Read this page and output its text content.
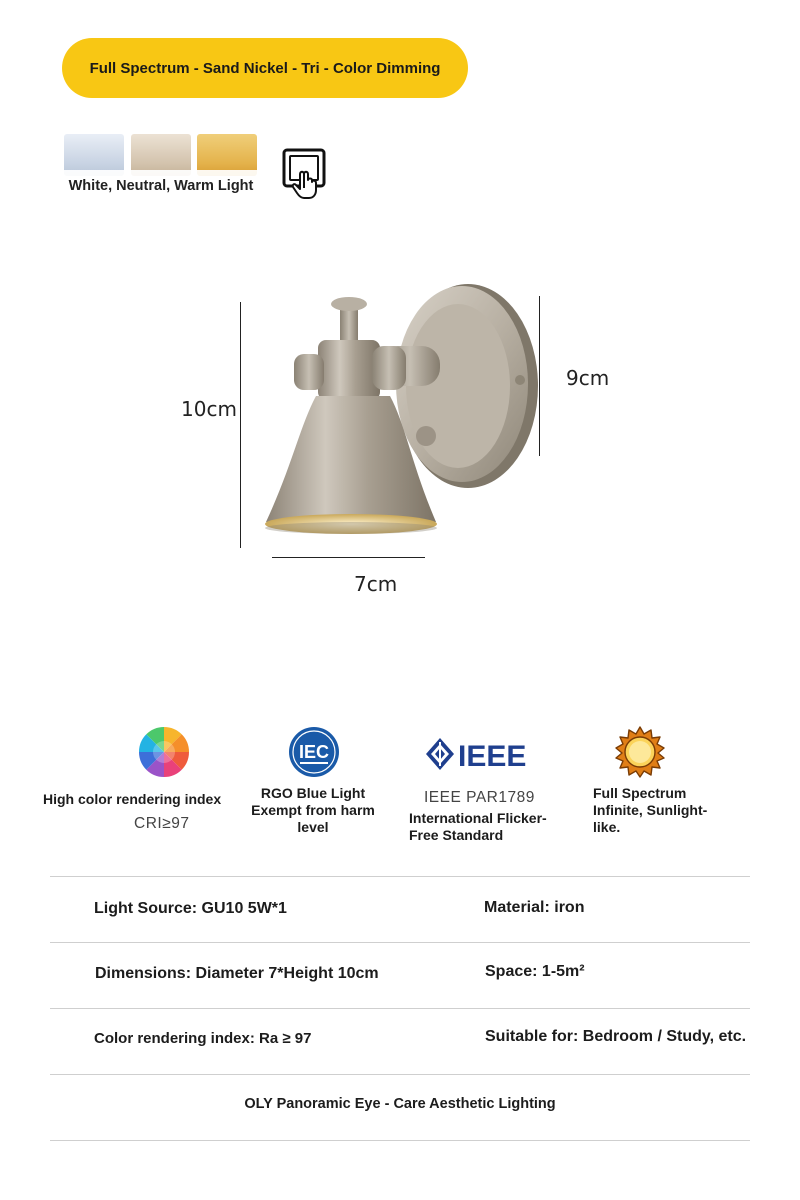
Full Spectrum - Sand Nickel - Tri - Color Dimming
White, Neutral, Warm Light
10cm
9cm
7cm
High color rendering index
CRI≥97
IEC
RGO Blue Light
Exempt from harm
level
IEEE
IEEE PAR1789
International Flicker-
Free Standard
Full Spectrum
Infinite, Sunlight-
like.
Light Source: GU10 5W*1	Material: iron
Dimensions: Diameter 7*Height 10cm	Space: 1-5m²
Color rendering index: Ra ≥ 97	Suitable for: Bedroom / Study, etc.
OLY Panoramic Eye - Care Aesthetic Lighting
